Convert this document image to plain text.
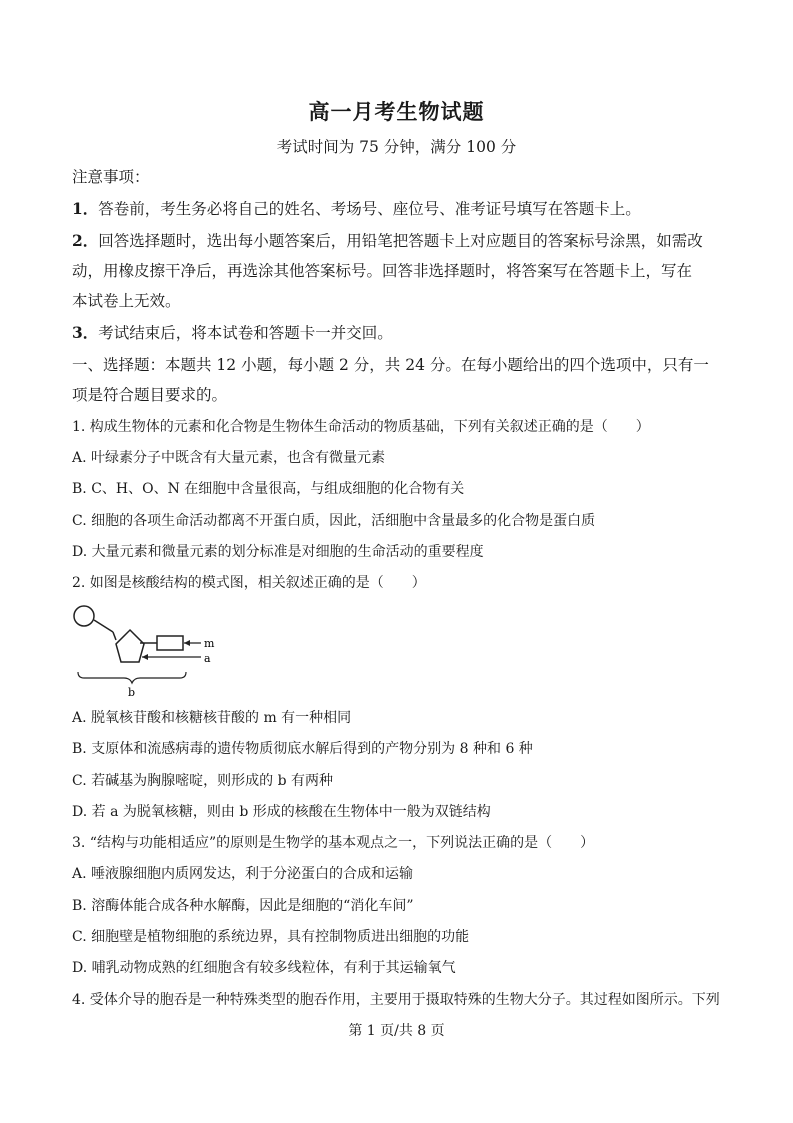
高一月考生物试题
考试时间为 75 分钟，满分 100 分
注意事项：
1．答卷前，考生务必将自己的姓名、考场号、座位号、准考证号填写在答题卡上。
2．回答选择题时，选出每小题答案后，用铅笔把答题卡上对应题目的答案标号涂黑，如需改
动，用橡皮擦干净后，再选涂其他答案标号。回答非选择题时，将答案写在答题卡上，写在
本试卷上无效。
3．考试结束后，将本试卷和答题卡一并交回。
一、选择题：本题共 12 小题，每小题 2 分，共 24 分。在每小题给出的四个选项中，只有一
项是符合题目要求的。
1. 构成生物体的元素和化合物是生物体生命活动的物质基础，下列有关叙述正确的是（　　）
A. 叶绿素分子中既含有大量元素，也含有微量元素
B. C、H、O、N 在细胞中含量很高，与组成细胞的化合物有关
C. 细胞的各项生命活动都离不开蛋白质，因此，活细胞中含量最多的化合物是蛋白质
D. 大量元素和微量元素的划分标准是对细胞的生命活动的重要程度
2. 如图是核酸结构的模式图，相关叙述正确的是（　　）
m
a
b
A. 脱氧核苷酸和核糖核苷酸的 m 有一种相同
B. 支原体和流感病毒的遗传物质彻底水解后得到的产物分别为 8 种和 6 种
C. 若碱基为胸腺嘧啶，则形成的 b 有两种
D. 若 a 为脱氧核糖，则由 b 形成的核酸在生物体中一般为双链结构
3. “结构与功能相适应”的原则是生物学的基本观点之一，下列说法正确的是（　　）
A. 唾液腺细胞内质网发达，利于分泌蛋白的合成和运输
B. 溶酶体能合成各种水解酶，因此是细胞的“消化车间”
C. 细胞壁是植物细胞的系统边界，具有控制物质进出细胞的功能
D. 哺乳动物成熟的红细胞含有较多线粒体，有利于其运输氧气
4. 受体介导的胞吞是一种特殊类型的胞吞作用，主要用于摄取特殊的生物大分子。其过程如图所示。下列
第 1 页/共 8 页
